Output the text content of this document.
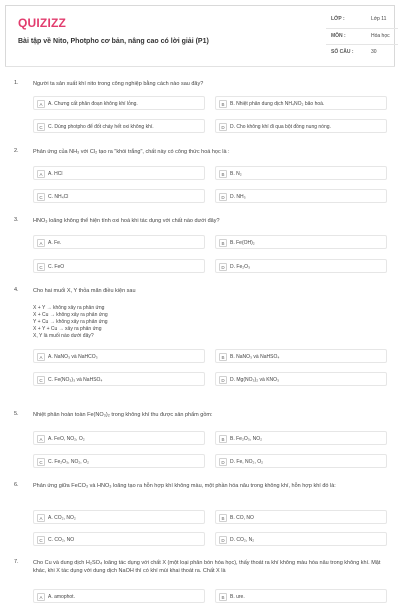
QUIZIZZ
Bài tập về Nito, Photpho cơ bản, nâng cao có lời giải (P1)
LỚP :	Lớp 11
MÔN :	Hóa học
SỐ CÂU :	30
1.	Người ta sản xuất khí nito trong công nghiệp bằng cách nào sau đây?
A	A. Chưng cất phân đoạn không khí lỏng.	B	B. Nhiệt phân dung dịch NH₄NO₂ bão hoà.
C	C. Dùng photpho để đốt cháy hết oxi không khí.	D	D. Cho không khí đi qua bột đồng nung nóng.
2.	Phản ứng của NH₃ với Cl₂ tạo ra "khói trắng", chất này có công thức hoá học là :
A	A. HCl	B	B. N₂
C	C. NH₄Cl	D	D. NH₃
3.	HNO₃ loãng không thể hiện tính oxi hoá khi tác dụng với chất nào dưới đây?
A	A. Fe.	B	B. Fe(OH)₂
C	C. FeO	D	D. Fe₂O₃
4.	Cho hai muối X, Y thỏa mãn điều kiện sau
X + Y → không xảy ra phản ứng
X + Cu → không xảy ra phản ứng
Y + Cu → không xảy ra phản ứng
X + Y + Cu → xảy ra phản ứng
X, Y là muối nào dưới đây?
A	A. NaNO₃ và NaHCO₃	B	B. NaNO₃ và NaHSO₄
C	C. Fe(NO₃)₃ và NaHSO₄	D	D. Mg(NO₃)₂ và KNO₃
5.	Nhiệt phân hoàn toàn Fe(NO₃)₂ trong không khí thu được sản phẩm gồm:
A	A. FeO, NO₂, O₂	B	B. Fe₂O₃, NO₂
C	C. Fe₂O₃, NO₂, O₂	D	D. Fe, NO₂, O₂
6.	Phản ứng giữa FeCO₃ và HNO₃ loãng tạo ra hỗn hợp khí không màu, một phần hóa nâu trong không khí, hỗn hợp khí đó là:
A	A. CO₂, NO₂	B	B. CO, NO
C	C. CO₂, NO	D	D. CO₂, N₂
7.	Cho Cu và dung dịch H₂SO₄ loãng tác dụng với chất X (một loại phân bón hóa học), thấy thoát ra khí không màu hóa nâu trong không khí. Mặt khác, khi X tác dụng với dung dịch NaOH thì có khí mùi khai thoát ra. Chất X là
A	A. amophot.	B	B. ure.
